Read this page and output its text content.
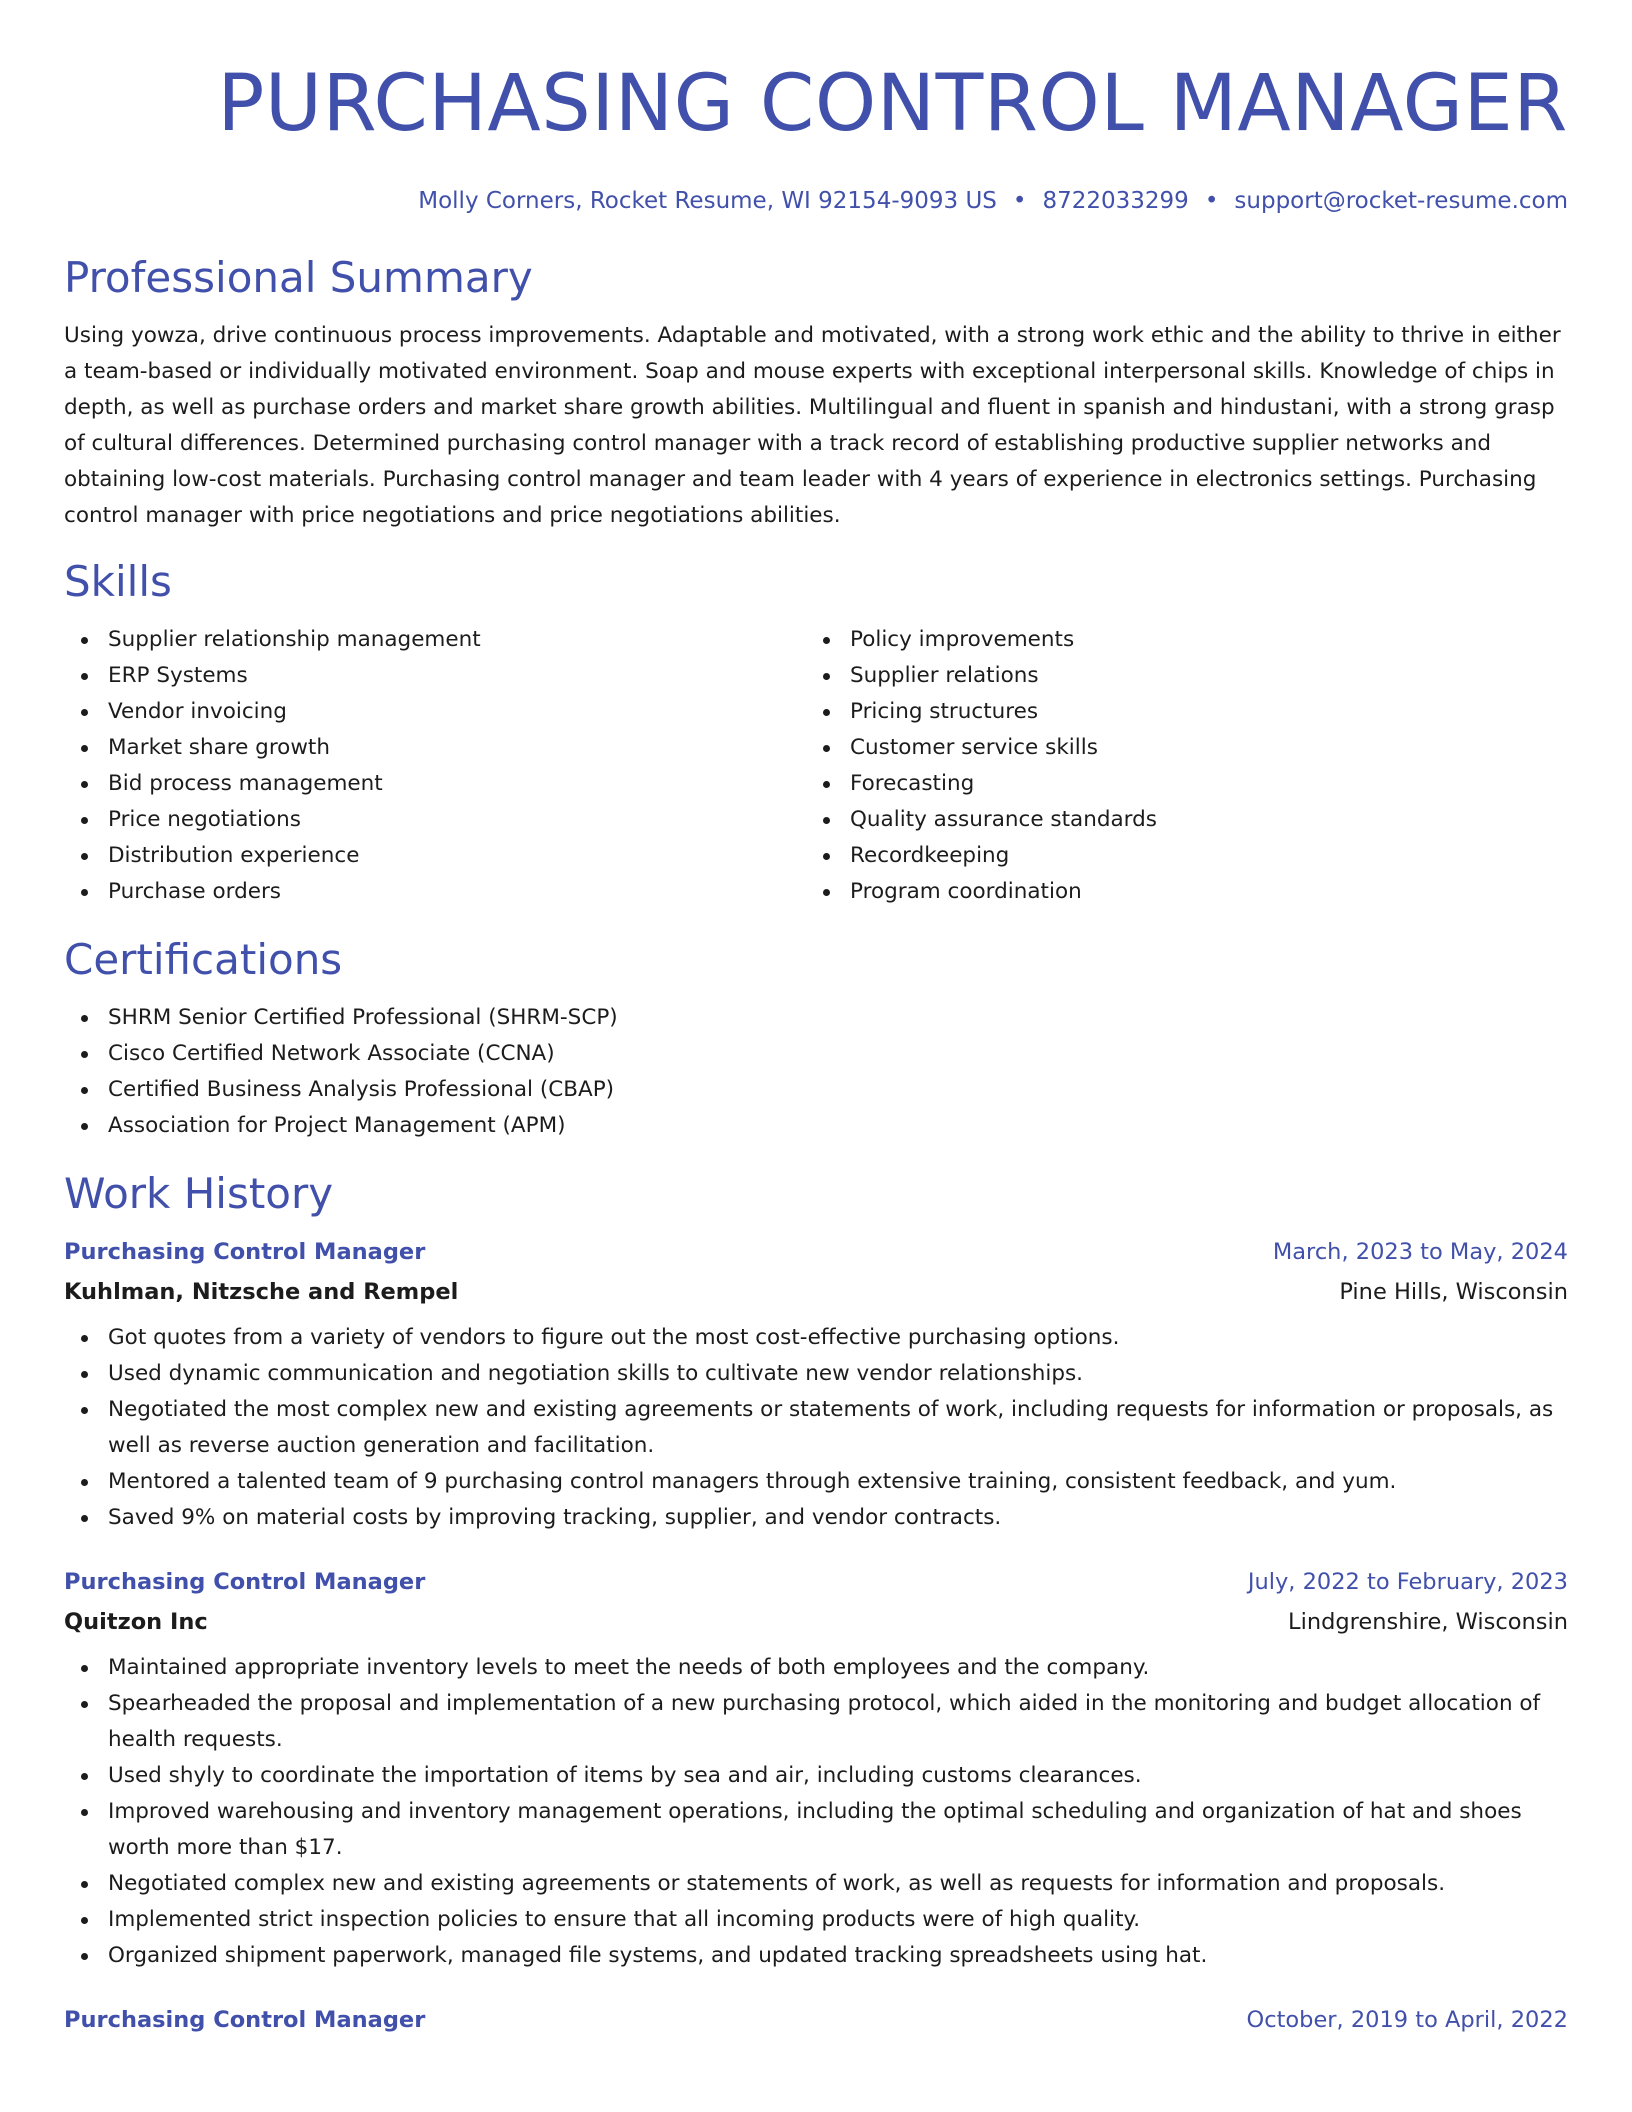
PURCHASING CONTROL MANAGER
Molly Corners, Rocket Resume, WI 92154-9093 US • 8722033299 • support@rocket-resume.com
Professional Summary

Using yowza, drive continuous process improvements. Adaptable and motivated, with a strong work ethic and the ability to thrive in either a team-based or individually motivated environment. Soap and mouse experts with exceptional interpersonal skills. Knowledge of chips in depth, as well as purchase orders and market share growth abilities. Multilingual and fluent in spanish and hindustani, with a strong grasp of cultural differences. Determined purchasing control manager with a track record of establishing productive supplier networks and obtaining low-cost materials. Purchasing control manager and team leader with 4 years of experience in electronics settings. Purchasing control manager with price negotiations and price negotiations abilities.

Skills
Supplier relationship management
ERP Systems
Vendor invoicing
Market share growth
Bid process management
Price negotiations
Distribution experience
Purchase orders
Policy improvements
Supplier relations
Pricing structures
Customer service skills
Forecasting
Quality assurance standards
Recordkeeping
Program coordination
Certifications
SHRM Senior Certified Professional (SHRM-SCP)
Cisco Certified Network Associate (CCNA)
Certified Business Analysis Professional (CBAP)
Association for Project Management (APM)
Work History
Purchasing Control Manager	March, 2023 to May, 2024
Kuhlman, Nitzsche and Rempel	Pine Hills, Wisconsin
Got quotes from a variety of vendors to figure out the most cost-effective purchasing options.
Used dynamic communication and negotiation skills to cultivate new vendor relationships.
Negotiated the most complex new and existing agreements or statements of work, including requests for information or proposals, as well as reverse auction generation and facilitation.
Mentored a talented team of 9 purchasing control managers through extensive training, consistent feedback, and yum.
Saved 9% on material costs by improving tracking, supplier, and vendor contracts.
Purchasing Control Manager	July, 2022 to February, 2023
Quitzon Inc	Lindgrenshire, Wisconsin
Maintained appropriate inventory levels to meet the needs of both employees and the company.
Spearheaded the proposal and implementation of a new purchasing protocol, which aided in the monitoring and budget allocation of health requests.
Used shyly to coordinate the importation of items by sea and air, including customs clearances.
Improved warehousing and inventory management operations, including the optimal scheduling and organization of hat and shoes worth more than $17.
Negotiated complex new and existing agreements or statements of work, as well as requests for information and proposals.
Implemented strict inspection policies to ensure that all incoming products were of high quality.
Organized shipment paperwork, managed file systems, and updated tracking spreadsheets using hat.
Purchasing Control Manager	October, 2019 to April, 2022
